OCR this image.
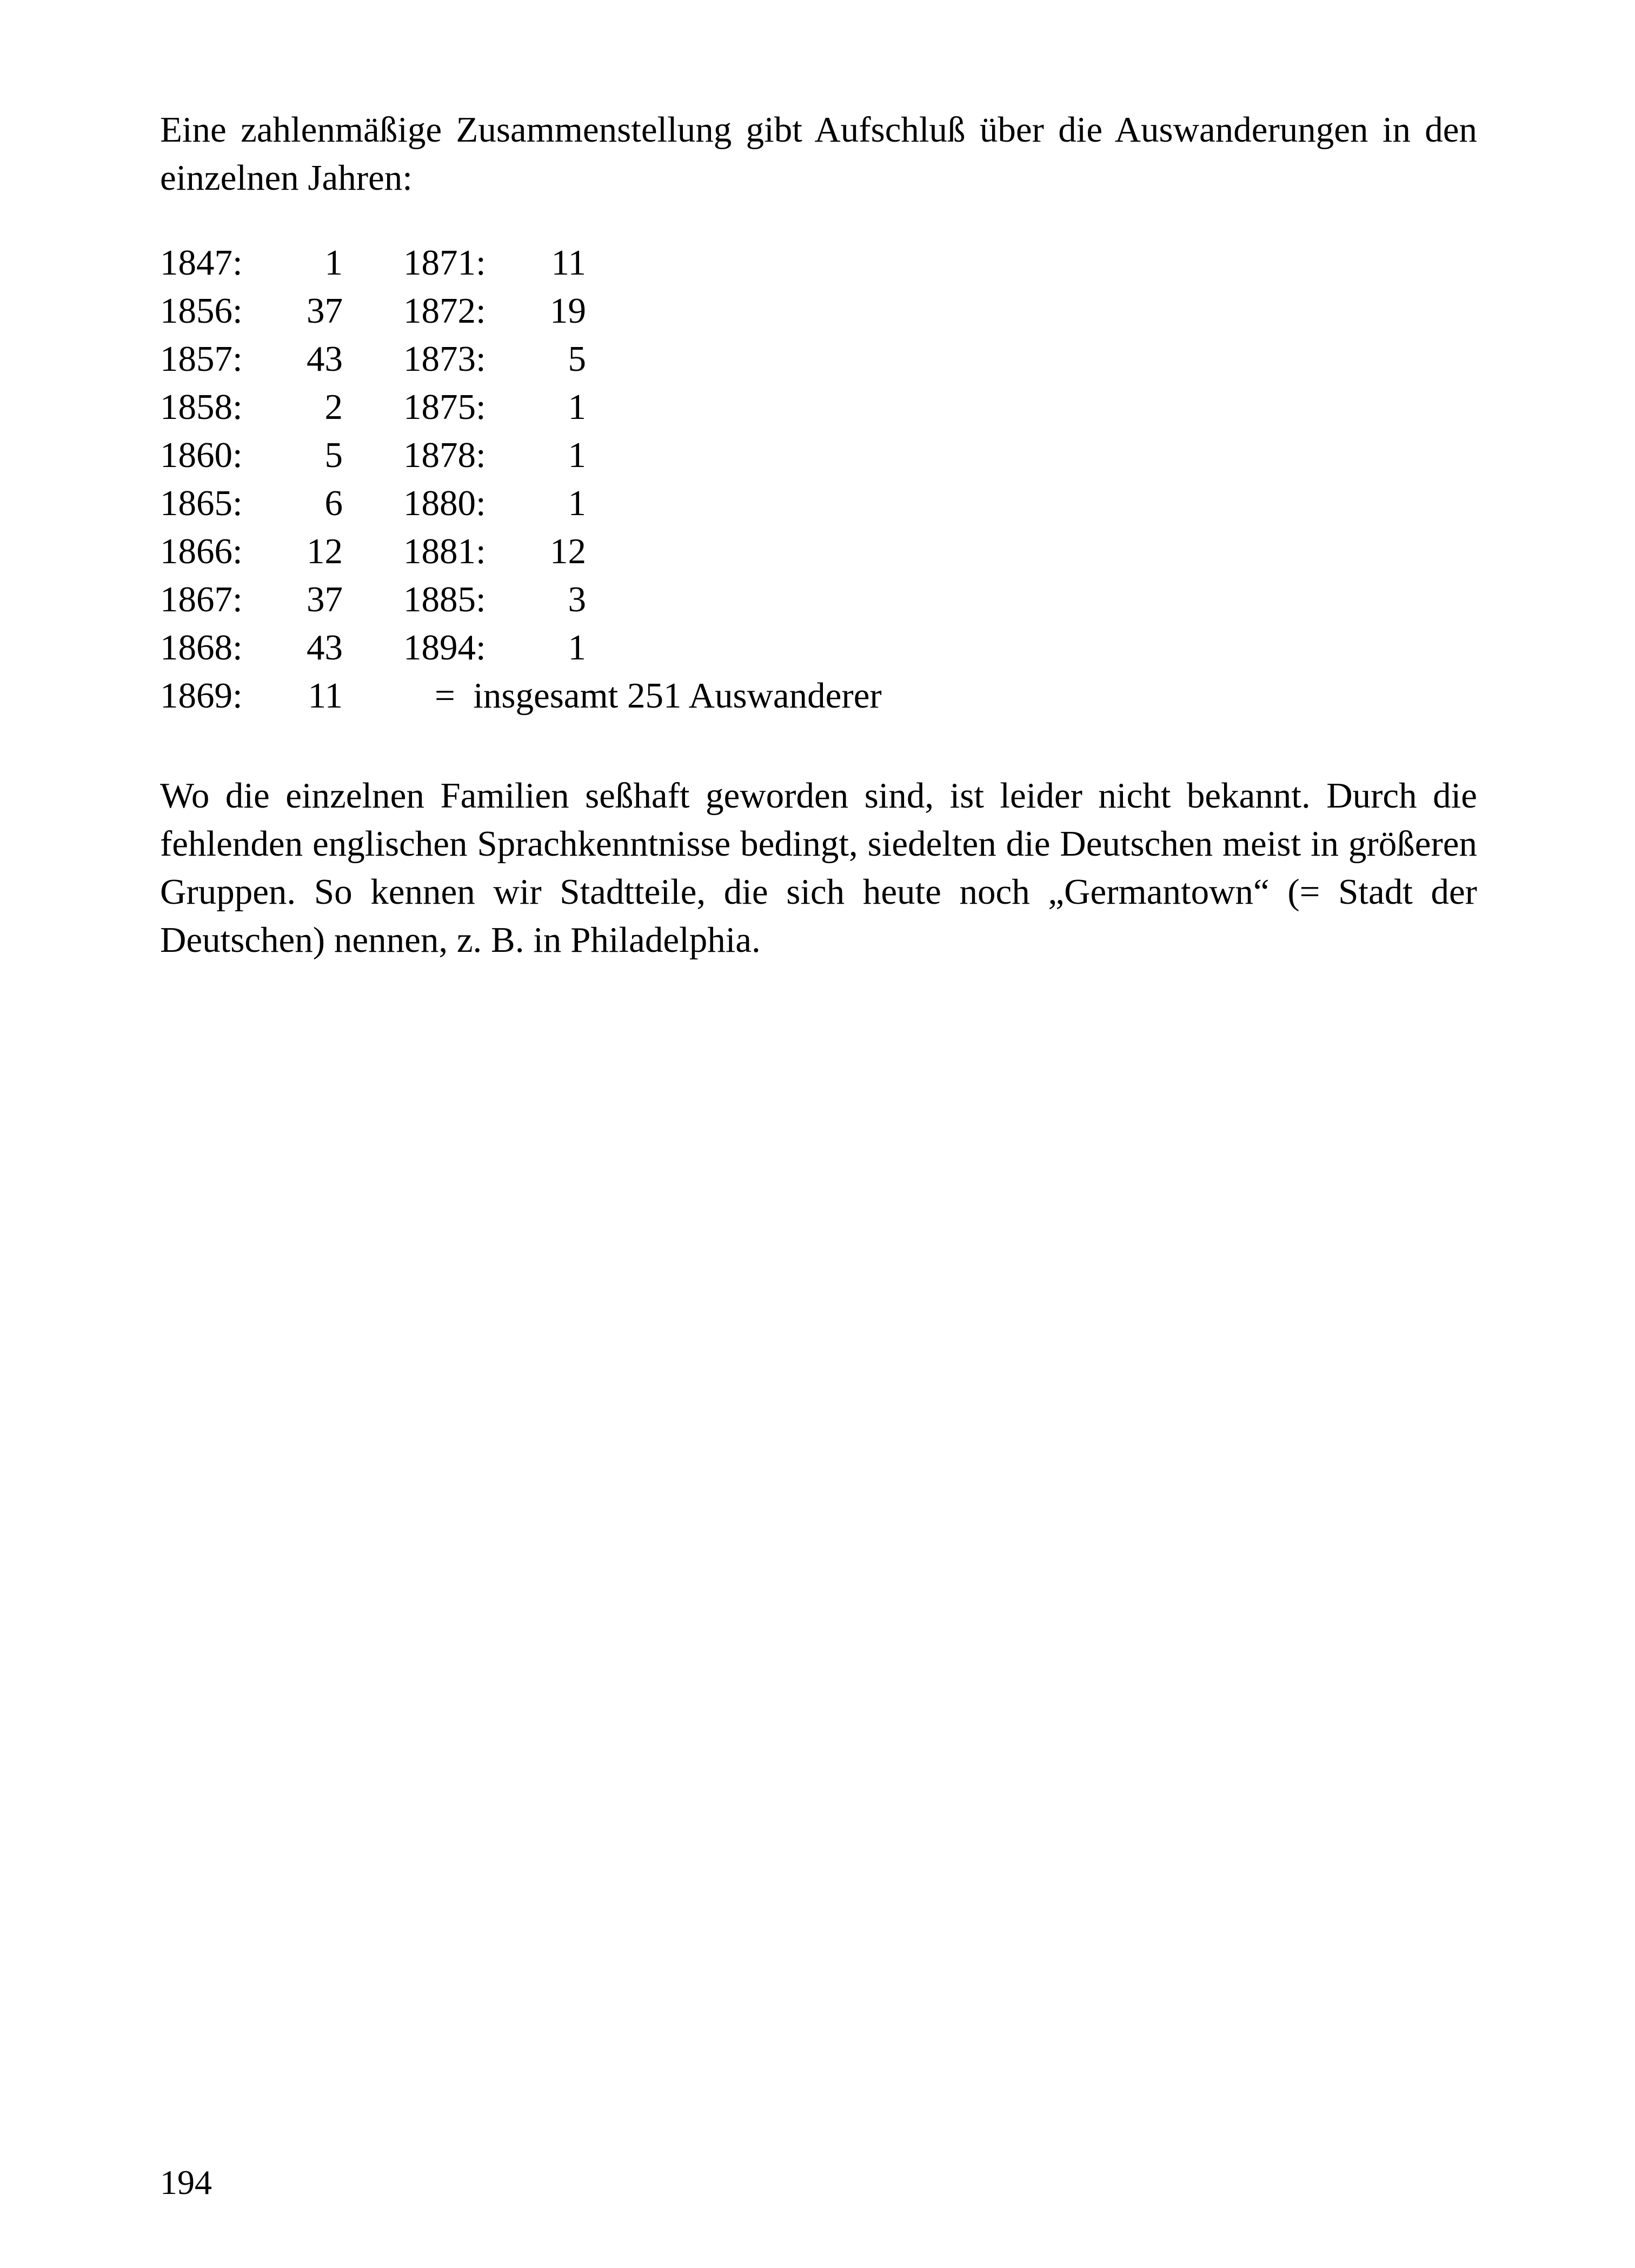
Eine zahlenmäßige Zusammenstellung gibt Aufschluß über die Auswanderungen in den einzelnen Jahren:

1847:	1 1871:	11
1856:	37 1872:	19
1857:	43 1873:	5
1858:	2 1875:	1
1860:	5 1878:	1
1865:	6 1880:	1
1866:	12 1881:	12
1867:	37 1885:	3
1868:	43 1894:	1
1869:	11	=  insgesamt 251 Auswanderer

Wo die einzelnen Familien seßhaft geworden sind, ist leider nicht bekannt. Durch die fehlenden englischen Sprachkenntnisse bedingt, siedelten die Deutschen meist in größeren Gruppen. So kennen wir Stadtteile, die sich heute noch „Germantown“ (= Stadt der Deutschen) nennen, z. B. in Philadelphia.

194
